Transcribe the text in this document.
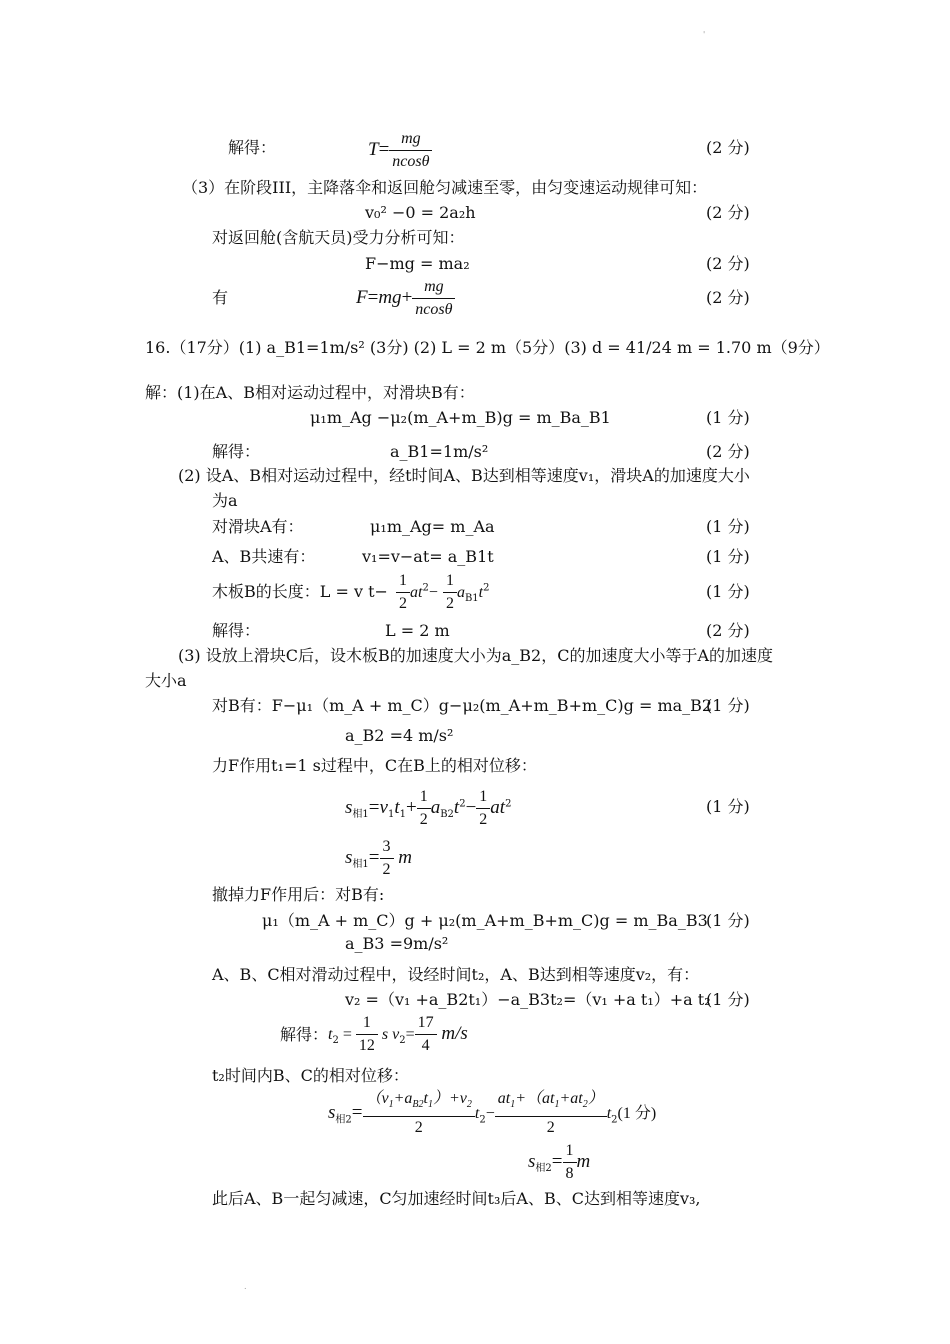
'
解得：	$T= \frac{mg}{ncos\theta}$	(2 分)
（3）在阶段III，主降落伞和返回舱匀减速至零，由匀变速运动规律可知：
v₀² −0 = 2a₂h	(2 分)
对返回舱(含航天员)受力分析可知：
F−mg = ma₂	(2 分)
有	$F=mg+ \frac{mg}{ncos\theta}$	(2 分)
16.（17分）(1) a_B1=1m/s² (3分) (2) L = 2 m（5分）(3) d = 41/24 m = 1.70 m（9分）
解：(1)在A、B相对运动过程中，对滑块B有：
μ₁m_Ag −μ₂(m_A+m_B)g = m_Ba_B1	(1 分)
解得：	a_B1=1m/s²	(2 分)
(2) 设A、B相对运动过程中，经t时间A、B达到相等速度v₁，滑块A的加速度大小
为a
对滑块A有：	μ₁m_Ag= m_Aa	(1 分)
A、B共速有：	v₁=v−at= a_B1t	(1 分)
木板B的长度：L = v $t- \frac{1}{2} at^2- \frac{1}{2} a_{B1}t^2$	(1 分)
解得：	L = 2 m	(2 分)
(3) 设放上滑块C后，设木板B的加速度大小为a_B2，C的加速度大小等于A的加速度
大小a
对B有：F−μ₁（m_A + m_C）g−μ₂(m_A+m_B+m_C)g = ma_B2
(1 分)
a_B2 =4 m/s²
力F作用t₁=1 s过程中，C在B上的相对位移：
$s_{相1}=v_1t_1+ \frac{1}{2} a_{B2}t^2- \frac{1}{2} at^2$	(1 分)
$s_{相1}= \frac{3}{2}$ m
撤掉力F作用后：对B有:
μ₁（m_A + m_C）g + μ₂(m_A+m_B+m_C)g = m_Ba_B3
(1 分)
a_B3 =9m/s²
A、B、C相对滑动过程中，设经时间t₂，A、B达到相等速度v₂，有：
v₂ =（v₁ +a_B2t₁）−a_B3t₂=（v₁ +a t₁）+a t₂
(1 分)
解得： $t_2 = \frac{1}{12}$ s $v_2= \frac{17}{4} m/s$
t₂时间内B、C的相对位移：
$s_{相2}= \frac{(v_1+a_{B2}t_1)+v_2}{2} t_2- \frac{at_1+(at_1+at_2)}{2} t_2(1$ 分)
$s_{相2}= \frac{1}{8}$ m
此后A、B一起匀减速，C匀加速经时间t₃后A、B、C达到相等速度v₃,
.
